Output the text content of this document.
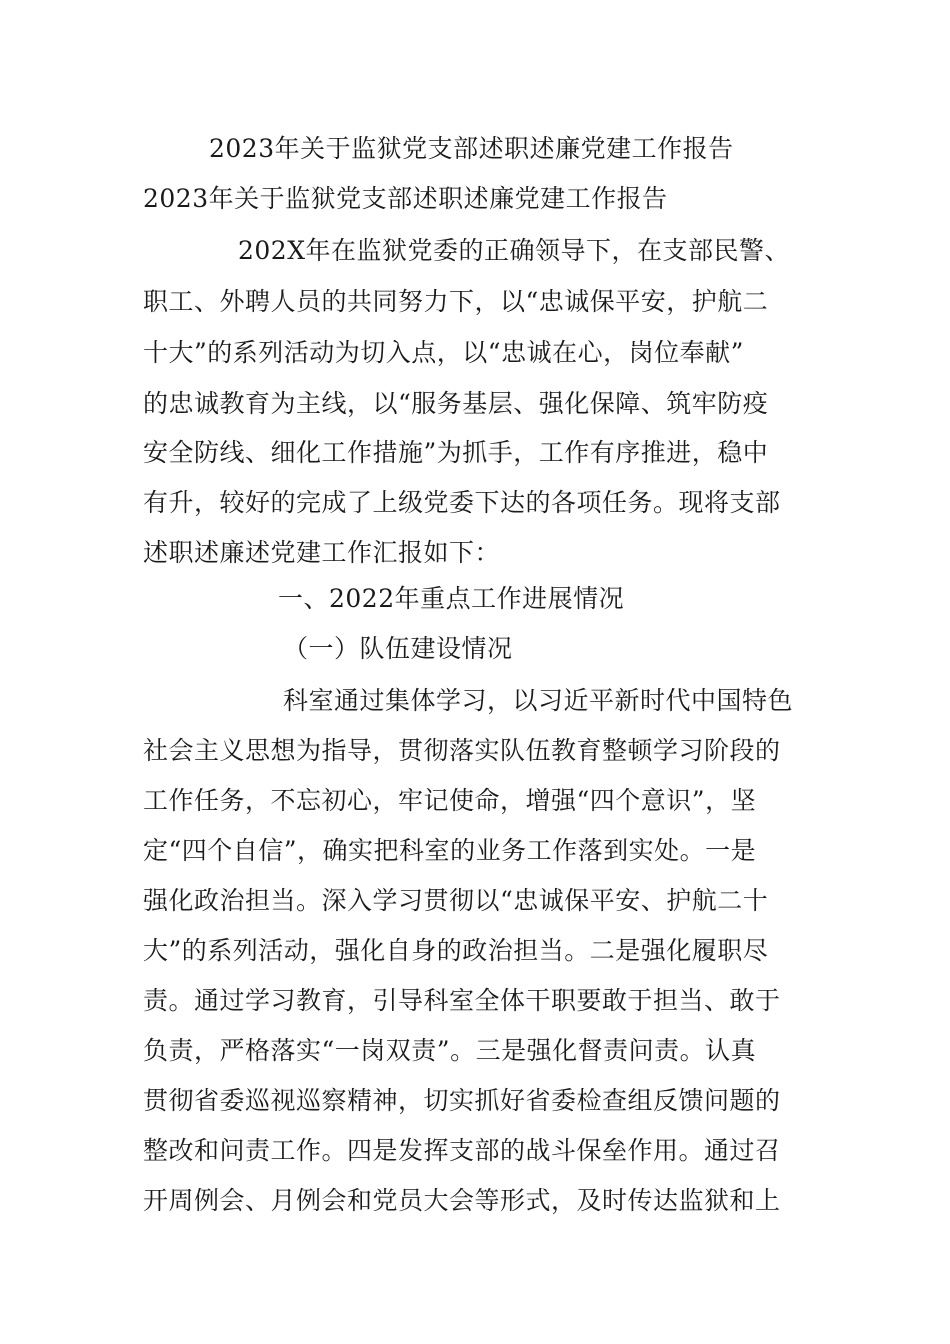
2023年关于监狱党支部述职述廉党建工作报告
2023年关于监狱党支部述职述廉党建工作报告
202X年在监狱党委的正确领导下，在支部民警、
职工、外聘人员的共同努力下，以“忠诚保平安，护航二
十大”的系列活动为切入点，以“忠诚在心，岗位奉献”
的忠诚教育为主线，以“服务基层、强化保障、筑牢防疫
安全防线、细化工作措施”为抓手，工作有序推进，稳中
有升，较好的完成了上级党委下达的各项任务。现将支部
述职述廉述党建工作汇报如下：
一、2022年重点工作进展情况
（一）队伍建设情况
科室通过集体学习，以习近平新时代中国特色
社会主义思想为指导，贯彻落实队伍教育整顿学习阶段的
工作任务，不忘初心，牢记使命，增强“四个意识”，坚
定“四个自信”，确实把科室的业务工作落到实处。一是
强化政治担当。深入学习贯彻以“忠诚保平安、护航二十
大”的系列活动，强化自身的政治担当。二是强化履职尽
责。通过学习教育，引导科室全体干职要敢于担当、敢于
负责，严格落实“一岗双责”。三是强化督责问责。认真
贯彻省委巡视巡察精神，切实抓好省委检查组反馈问题的
整改和问责工作。四是发挥支部的战斗保垒作用。通过召
开周例会、月例会和党员大会等形式，及时传达监狱和上
